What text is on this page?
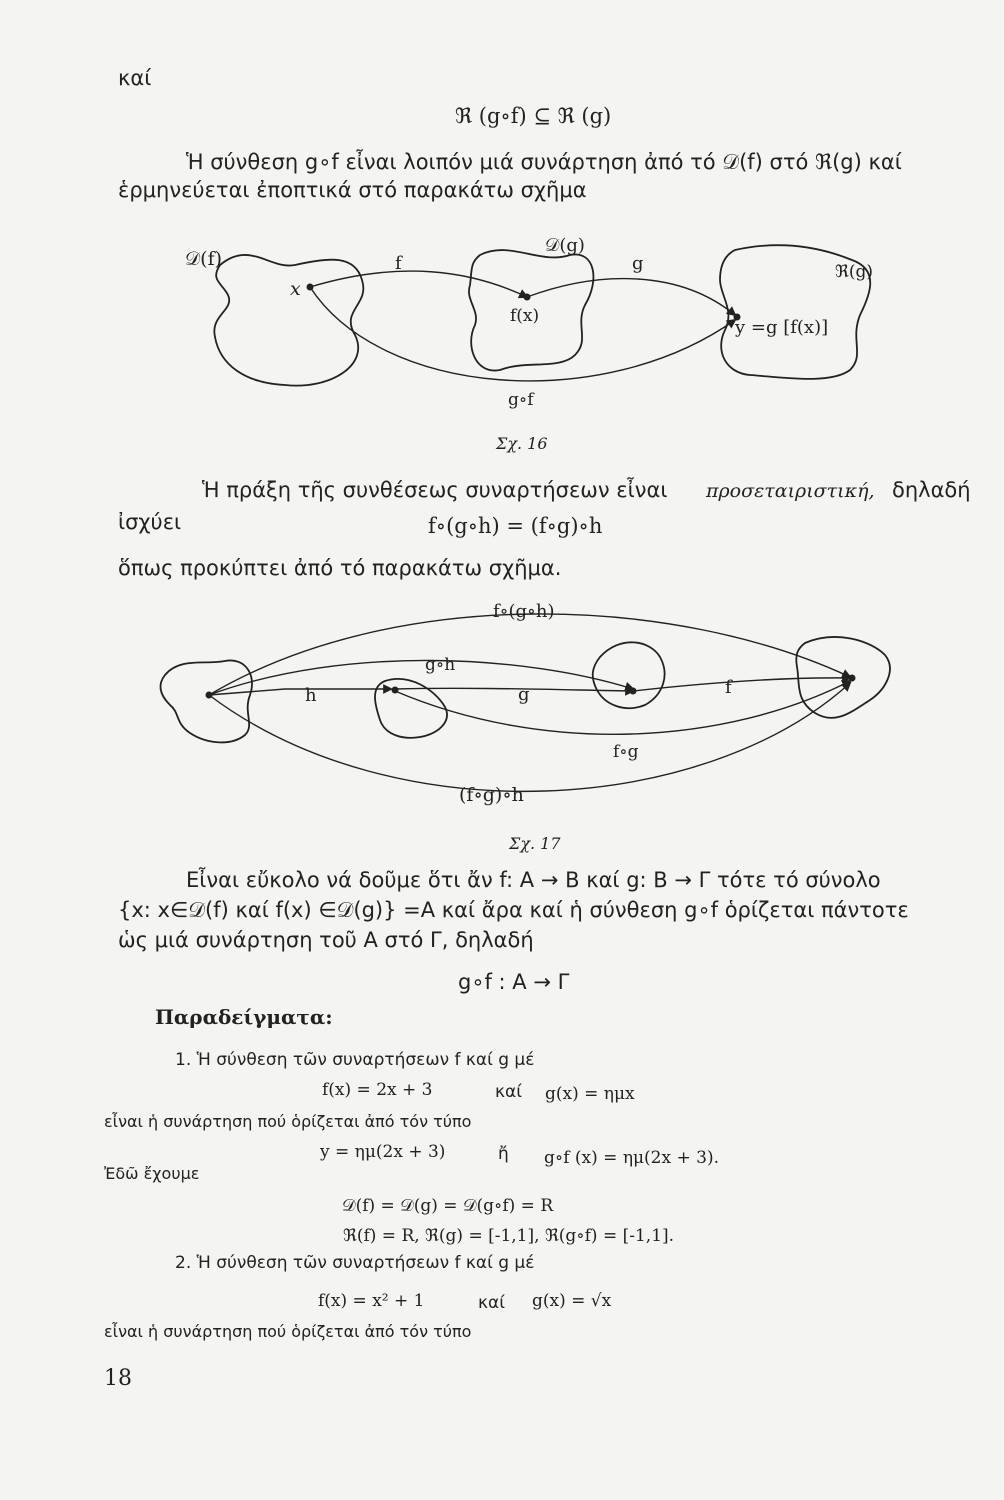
καί
ℜ (g∘f) ⊆ ℜ (g)
Ἡ σύνθεση g∘f εἶναι λοιπόν μιά συνάρτηση ἀπό τό 𝒟(f) στό ℜ(g) καί
ἑρμηνεύεται ἐποπτικά στό παρακάτω σχῆμα
𝒟(f)
𝒟(g)
ℜ(g)
x
f	g
f(x)
y =g [f(x)]
g∘f
Σχ. 16
Ἡ πράξη τῆς συνθέσεως συναρτήσεων εἶναι προσεταιριστική, δηλαδή
ἰσχύει	f∘(g∘h) = (f∘g)∘h
ὅπως προκύπτει ἀπό τό παρακάτω σχῆμα.
f∘(g∘h)
g∘h
h	g	f
f∘g
(f∘g)∘h
Σχ. 17
Εἶναι εὔκολο νά δοῦμε ὅτι ἄν f: Α → Β καί g: Β → Γ τότε τό σύνολο
{x: x∈𝒟(f) καί f(x) ∈𝒟(g)} =Α καί ἄρα καί ἡ σύνθεση g∘f ὁρίζεται πάντοτε
ὡς μιά συνάρτηση τοῦ Α στό Γ, δηλαδή
g∘f : Α → Γ
Παραδείγματα:
1. Ἡ σύνθεση τῶν συναρτήσεων f καί g μέ
f(x) = 2x + 3	καί g(x) = ημx
εἶναι ἡ συνάρτηση πού ὁρίζεται ἀπό τόν τύπο
y = ημ(2x + 3)	ἤ g∘f (x) = ημ(2x + 3).
Ἐδῶ ἔχουμε
𝒟(f) = 𝒟(g) = 𝒟(g∘f) = R
ℜ(f) = R, ℜ(g) = [-1,1], ℜ(g∘f) = [-1,1].
2. Ἡ σύνθεση τῶν συναρτήσεων f καί g μέ
f(x) = x² + 1	καί g(x) = √x
εἶναι ἡ συνάρτηση πού ὁρίζεται ἀπό τόν τύπο
18
